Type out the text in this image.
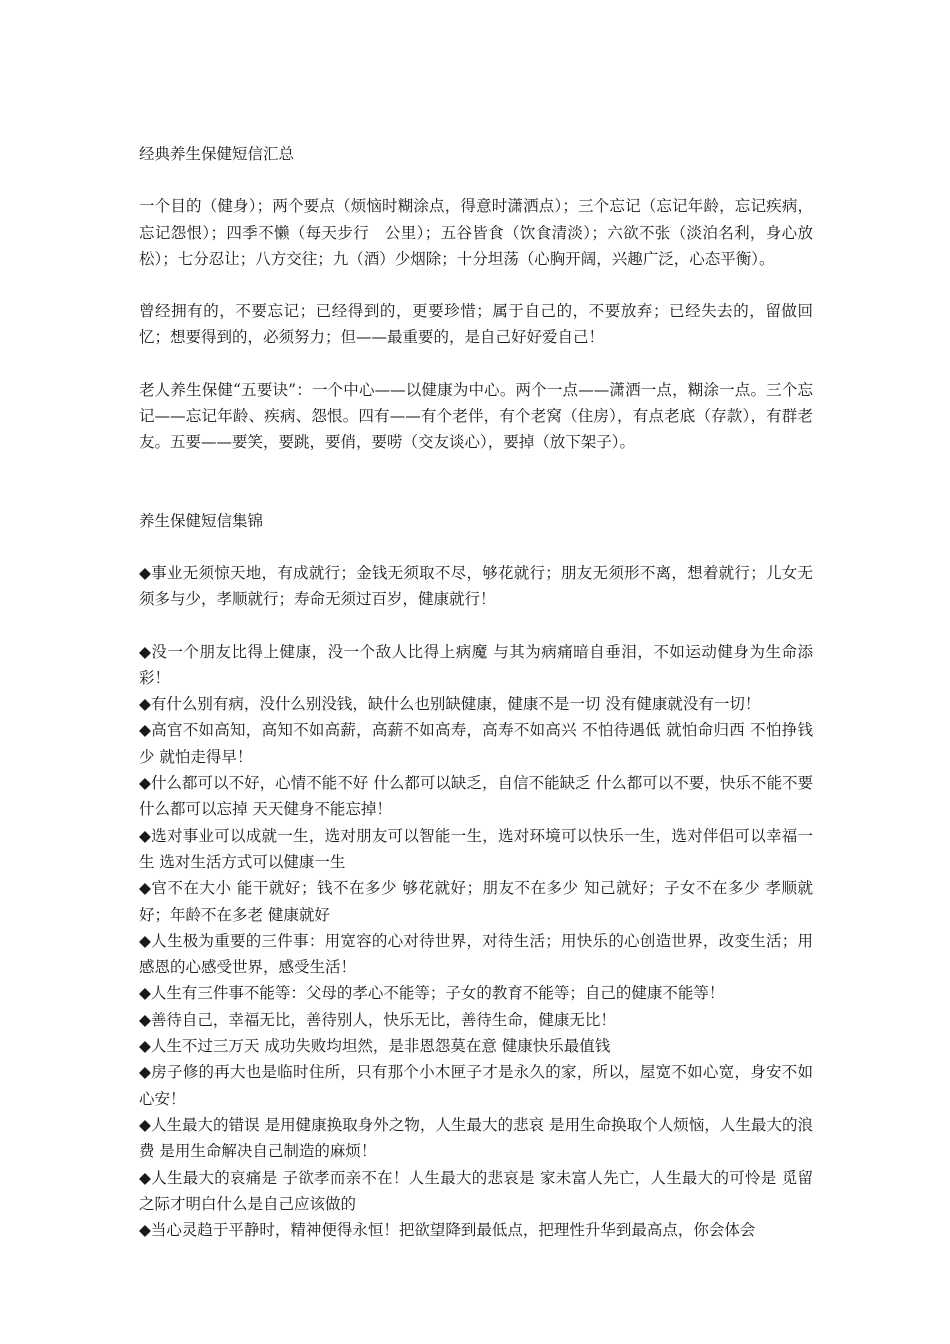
经典养生保健短信汇总

一个目的（健身）；两个要点（烦恼时糊涂点，得意时潇洒点）；三个忘记（忘记年龄，忘记疾病，忘记怨恨）；四季不懒（每天步行　公里）；五谷皆食（饮食清淡）；六欲不张（淡泊名利，身心放松）；七分忍让；八方交往；九（酒）少烟除；十分坦荡（心胸开阔，兴趣广泛，心态平衡）。

曾经拥有的，不要忘记；已经得到的，更要珍惜；属于自己的，不要放弃；已经失去的，留做回忆；想要得到的，必须努力；但——最重要的，是自己好好爱自己！

老人养生保健“五要诀”：一个中心——以健康为中心。两个一点——潇洒一点，糊涂一点。三个忘记——忘记年龄、疾病、怨恨。四有——有个老伴，有个老窝（住房），有点老底（存款），有群老友。五要——要笑，要跳，要俏，要唠（交友谈心），要掉（放下架子）。

养生保健短信集锦

◆事业无须惊天地，有成就行；金钱无须取不尽，够花就行；朋友无须形不离，想着就行；儿女无须多与少，孝顺就行；寿命无须过百岁，健康就行！

◆没一个朋友比得上健康，没一个敌人比得上病魔 与其为病痛暗自垂泪，不如运动健身为生命添彩！

◆有什么别有病，没什么别没钱，缺什么也别缺健康，健康不是一切 没有健康就没有一切！

◆高官不如高知，高知不如高薪，高薪不如高寿，高寿不如高兴 不怕待遇低 就怕命归西 不怕挣钱少 就怕走得早！

◆什么都可以不好，心情不能不好 什么都可以缺乏，自信不能缺乏 什么都可以不要，快乐不能不要 什么都可以忘掉 天天健身不能忘掉！

◆选对事业可以成就一生，选对朋友可以智能一生，选对环境可以快乐一生，选对伴侣可以幸福一生 选对生活方式可以健康一生

◆官不在大小 能干就好；钱不在多少 够花就好；朋友不在多少 知己就好；子女不在多少 孝顺就好；年龄不在多老 健康就好

◆人生极为重要的三件事：用宽容的心对待世界，对待生活；用快乐的心创造世界，改变生活；用感恩的心感受世界，感受生活！

◆人生有三件事不能等：父母的孝心不能等；子女的教育不能等；自己的健康不能等！

◆善待自己，幸福无比，善待别人，快乐无比，善待生命，健康无比！

◆人生不过三万天 成功失败均坦然，是非恩怨莫在意 健康快乐最值钱

◆房子修的再大也是临时住所，只有那个小木匣子才是永久的家，所以，屋宽不如心宽，身安不如心安！

◆人生最大的错误 是用健康换取身外之物，人生最大的悲哀 是用生命换取个人烦恼，人生最大的浪费 是用生命解决自己制造的麻烦！

◆人生最大的哀痛是 子欲孝而亲不在！人生最大的悲哀是 家未富人先亡，人生最大的可怜是 觅留之际才明白什么是自己应该做的

◆当心灵趋于平静时，精神便得永恒！把欲望降到最低点，把理性升华到最高点，你会体会
